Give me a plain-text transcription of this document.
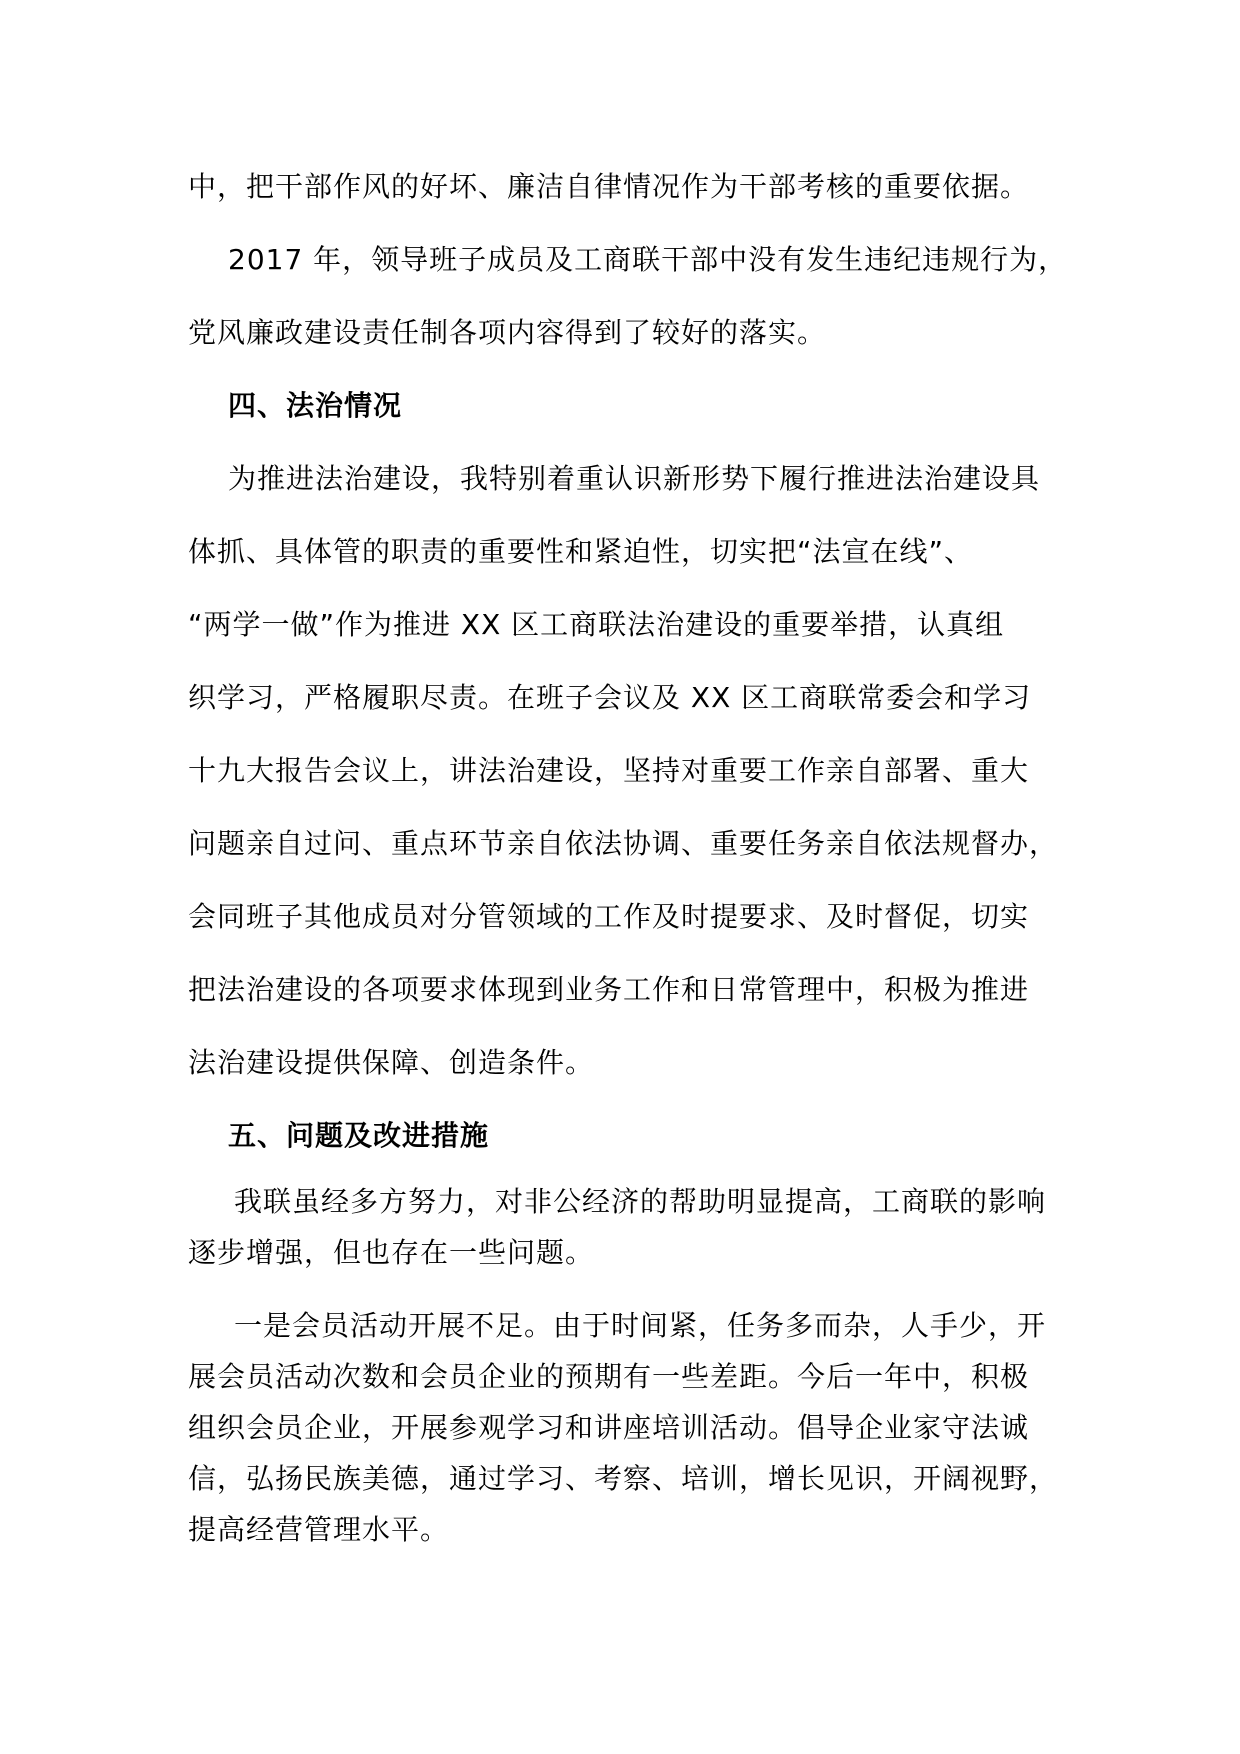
中，把干部作风的好坏、廉洁自律情况作为干部考核的重要依据。
2017 年，领导班子成员及工商联干部中没有发生违纪违规行为，
党风廉政建设责任制各项内容得到了较好的落实。
四、法治情况
为推进法治建设，我特别着重认识新形势下履行推进法治建设具
体抓、具体管的职责的重要性和紧迫性，切实把“法宣在线”、
“两学一做”作为推进 XX 区工商联法治建设的重要举措，认真组
织学习，严格履职尽责。在班子会议及 XX 区工商联常委会和学习
十九大报告会议上，讲法治建设，坚持对重要工作亲自部署、重大
问题亲自过问、重点环节亲自依法协调、重要任务亲自依法规督办，
会同班子其他成员对分管领域的工作及时提要求、及时督促，切实
把法治建设的各项要求体现到业务工作和日常管理中，积极为推进
法治建设提供保障、创造条件。
五、问题及改进措施
我联虽经多方努力，对非公经济的帮助明显提高，工商联的影响
逐步增强，但也存在一些问题。
一是会员活动开展不足。由于时间紧，任务多而杂，人手少，开
展会员活动次数和会员企业的预期有一些差距。今后一年中，积极
组织会员企业，开展参观学习和讲座培训活动。倡导企业家守法诚
信，弘扬民族美德，通过学习、考察、培训，增长见识，开阔视野，
提高经营管理水平。
